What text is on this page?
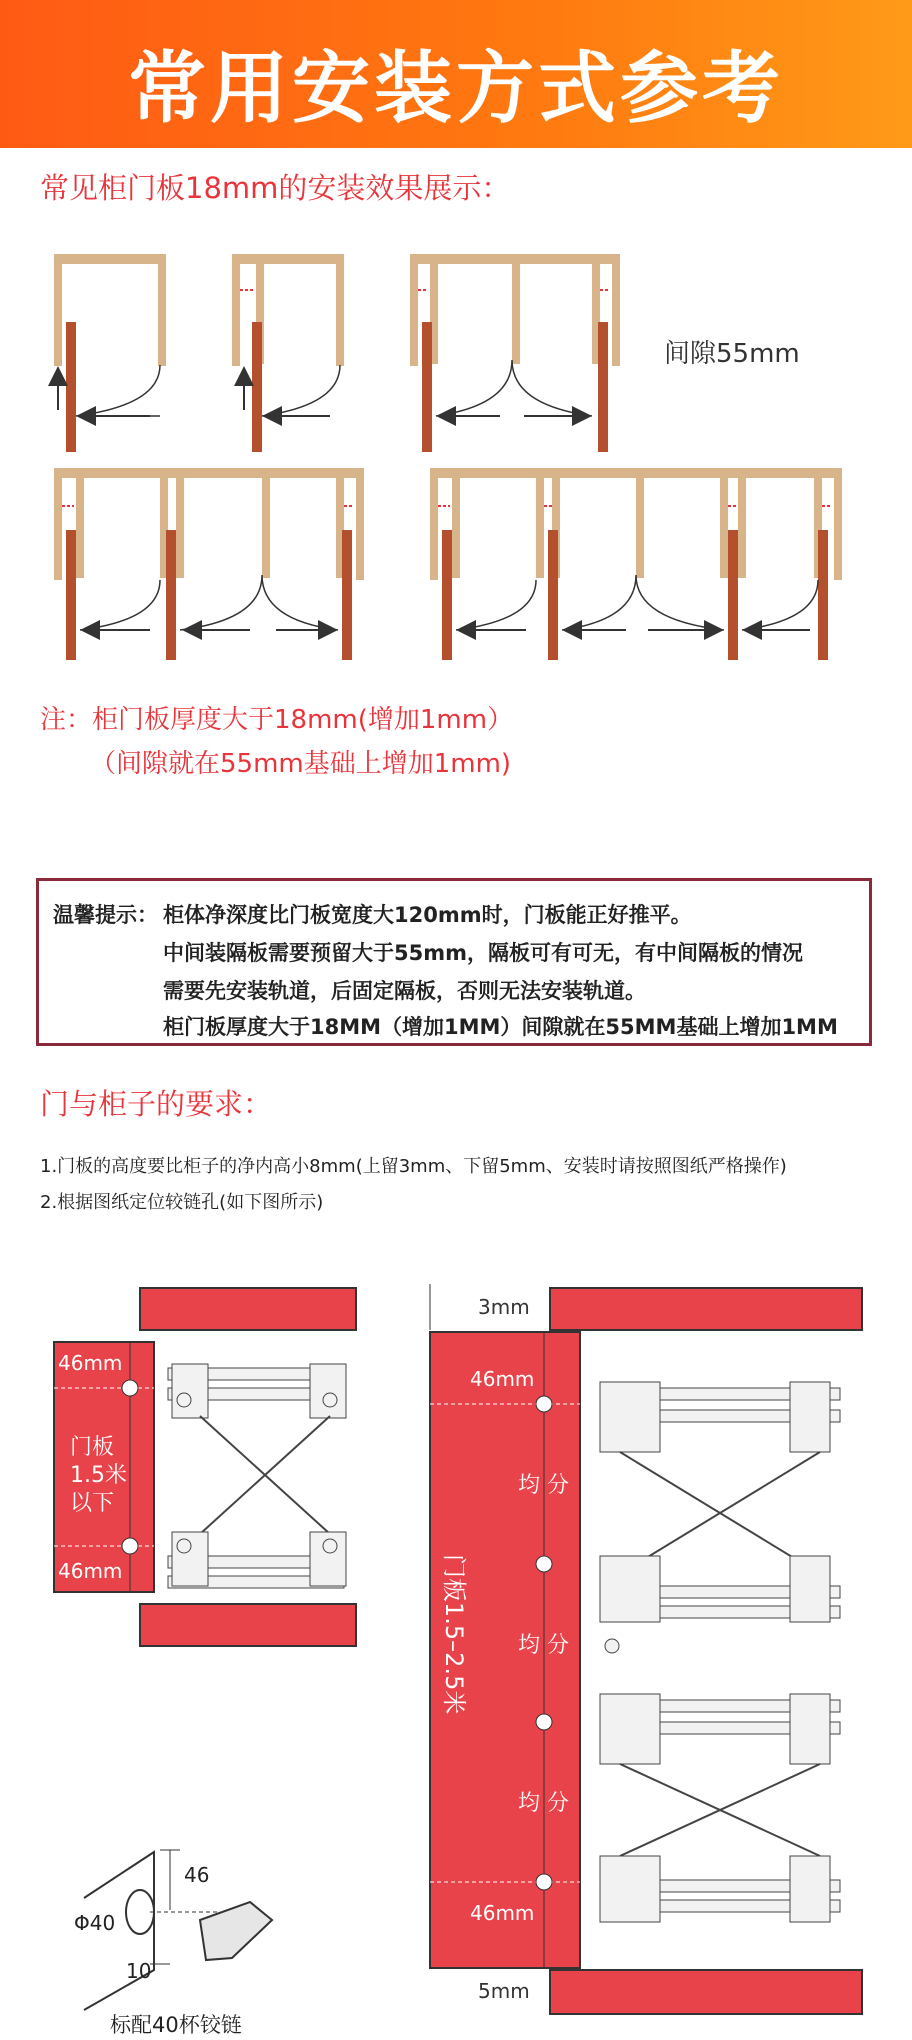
常用安装方式参考
常见柜门板18mm的安装效果展示：
间隙55mm
注：柜门板厚度大于18mm(增加1mm）
（间隙就在55mm基础上增加1mm)
温馨提示： 柜体净深度比门板宽度大120mm时，门板能正好推平。
中间装隔板需要预留大于55mm，隔板可有可无，有中间隔板的情况
需要先安装轨道，后固定隔板，否则无法安装轨道。
柜门板厚度大于18MM（增加1MM）间隙就在55MM基础上增加1MM
门与柜子的要求：
1.门板的高度要比柜子的净内高小8mm(上留3mm、下留5mm、安装时请按照图纸严格操作)
2.根据图纸定位较链孔(如下图所示)
46mm
46mm
门板
1.5米
以下
3mm
5mm
46mm
46mm
均 分
均 分
均 分
门板1.5–2.5米
46
Φ40
10
标配40杯铰链
